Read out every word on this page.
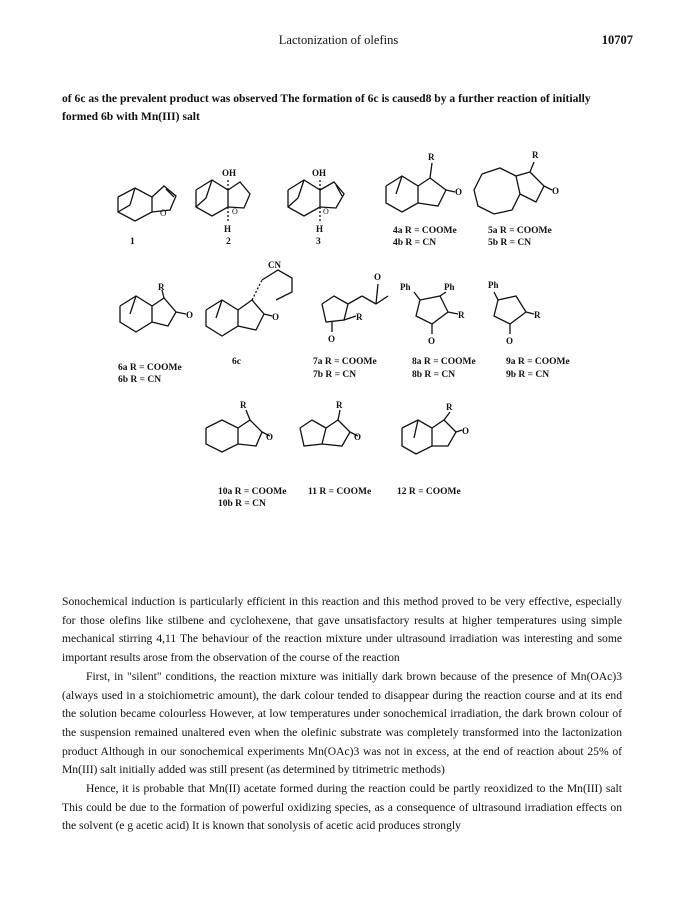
Lactonization of olefins	10707
of 6c as the prevalent product was observed The formation of 6c is caused8 by a further reaction of initially formed 6b with Mn(III) salt
O
OH
H
O
OH
H
O
R
O
R
O
R
O
CN
O
O
R
O
Ph	Ph
R
O
Ph
R
O
R
O
R
O
R
O
1	2	3
4a R = COOMe
4b R = CN
5a R = COOMe
5b R = CN
6a R = COOMe
6b R = CN
6c	7a R = COOMe
7b R = CN
8a R = COOMe
8b R = CN
9a R = COOMe
9b R = CN
10a R = COOMe
10b R = CN
11 R = COOMe	12 R = COOMe

Sonochemical induction is particularly efficient in this reaction and this method proved to be very effective, especially for those olefins like stilbene and cyclohexene, that gave unsatisfactory results at higher temperatures using simple mechanical stirring 4,11 The behaviour of the reaction mixture under ultrasound irradiation was interesting and some important results arose from the observation of the course of the reaction

First, in "silent" conditions, the reaction mixture was initially dark brown because of the presence of Mn(OAc)3 (always used in a stoichiometric amount), the dark colour tended to disappear during the reaction course and at its end the solution became colourless However, at low temperatures under sonochemical irradiation, the dark brown colour of the suspension remained unaltered even when the olefinic substrate was completely transformed into the lactonization product Although in our sonochemical experiments Mn(OAc)3 was not in excess, at the end of reaction about 25% of Mn(III) salt initially added was still present (as determined by titrimetric methods)

Hence, it is probable that Mn(II) acetate formed during the reaction could be partly reoxidized to the Mn(III) salt This could be due to the formation of powerful oxidizing species, as a consequence of ultrasound irradiation effects on the solvent (e g acetic acid) It is known that sonolysis of acetic acid produces strongly
